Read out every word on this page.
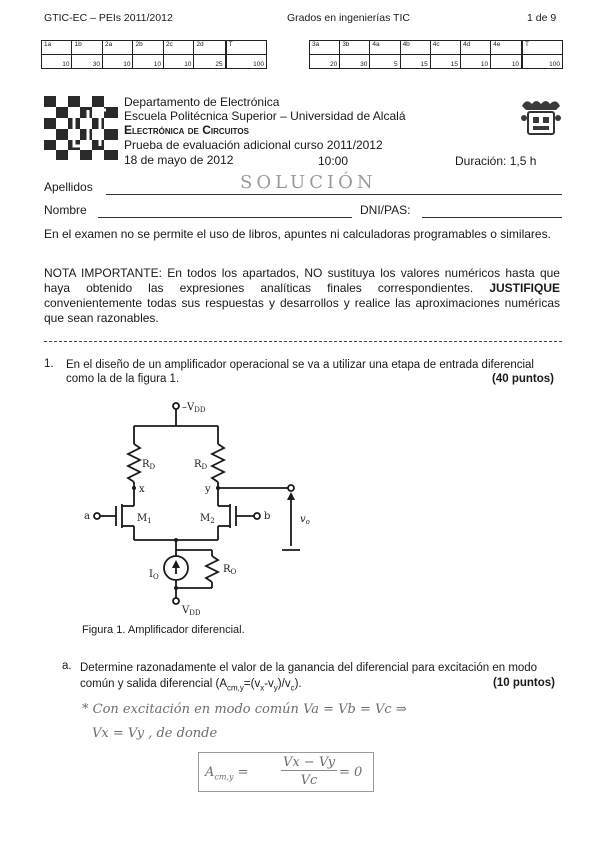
GTIC-EC – PEIs 2011/2012	Grados en ingenierías TIC	1 de 9
1a	1b	2a	2b	2c	2d	T
10	30	10	10	10	25	100
3a	3b	4a	4b	4c	4d	4e	T
20	30	5	15	15	10	10	100
Departamento de Electrónica
Escuela Politécnica Superior – Universidad de Alcalá
Electrónica de Circuitos
Prueba de evaluación adicional curso 2011/2012
18 de mayo de 2012	10:00	Duración: 1,5 h
Apellidos	SOLUCIÓN
Nombre	DNI/PAS:
En el examen no se permite el uso de libros, apuntes ni calculadoras programables o similares.
NOTA IMPORTANTE: En todos los apartados, NO sustituya los valores numéricos hasta que haya obtenido las expresiones analíticas finales correspondientes. JUSTIFIQUE convenientemente todas sus respuestas y desarrollos y realice las aproximaciones numéricas que sean razonables.
1. En el diseño de un amplificador operacional se va a utilizar una etapa de entrada diferencial como la de la figura 1.	(40 puntos)
$-V_{DD}$
$R_D$	$R_D$
x	y
a	b
$M_1$	$M_2$
$I_O$
$R_O$
$V_{DD}$
$v_o$
Figura 1. Amplificador diferencial.
a. Determine razonadamente el valor de la ganancia del diferencial para excitación en modo común y salida diferencial $(A_{cm,y}=(v_x-v_y)/v_c)$.	(10 puntos)
* Con excitación en modo común Va = Vb = Vc ⇒
Vx = Vy , de donde
$A_{cm,y}$ =
Vx − Vy
Vc
= 0
